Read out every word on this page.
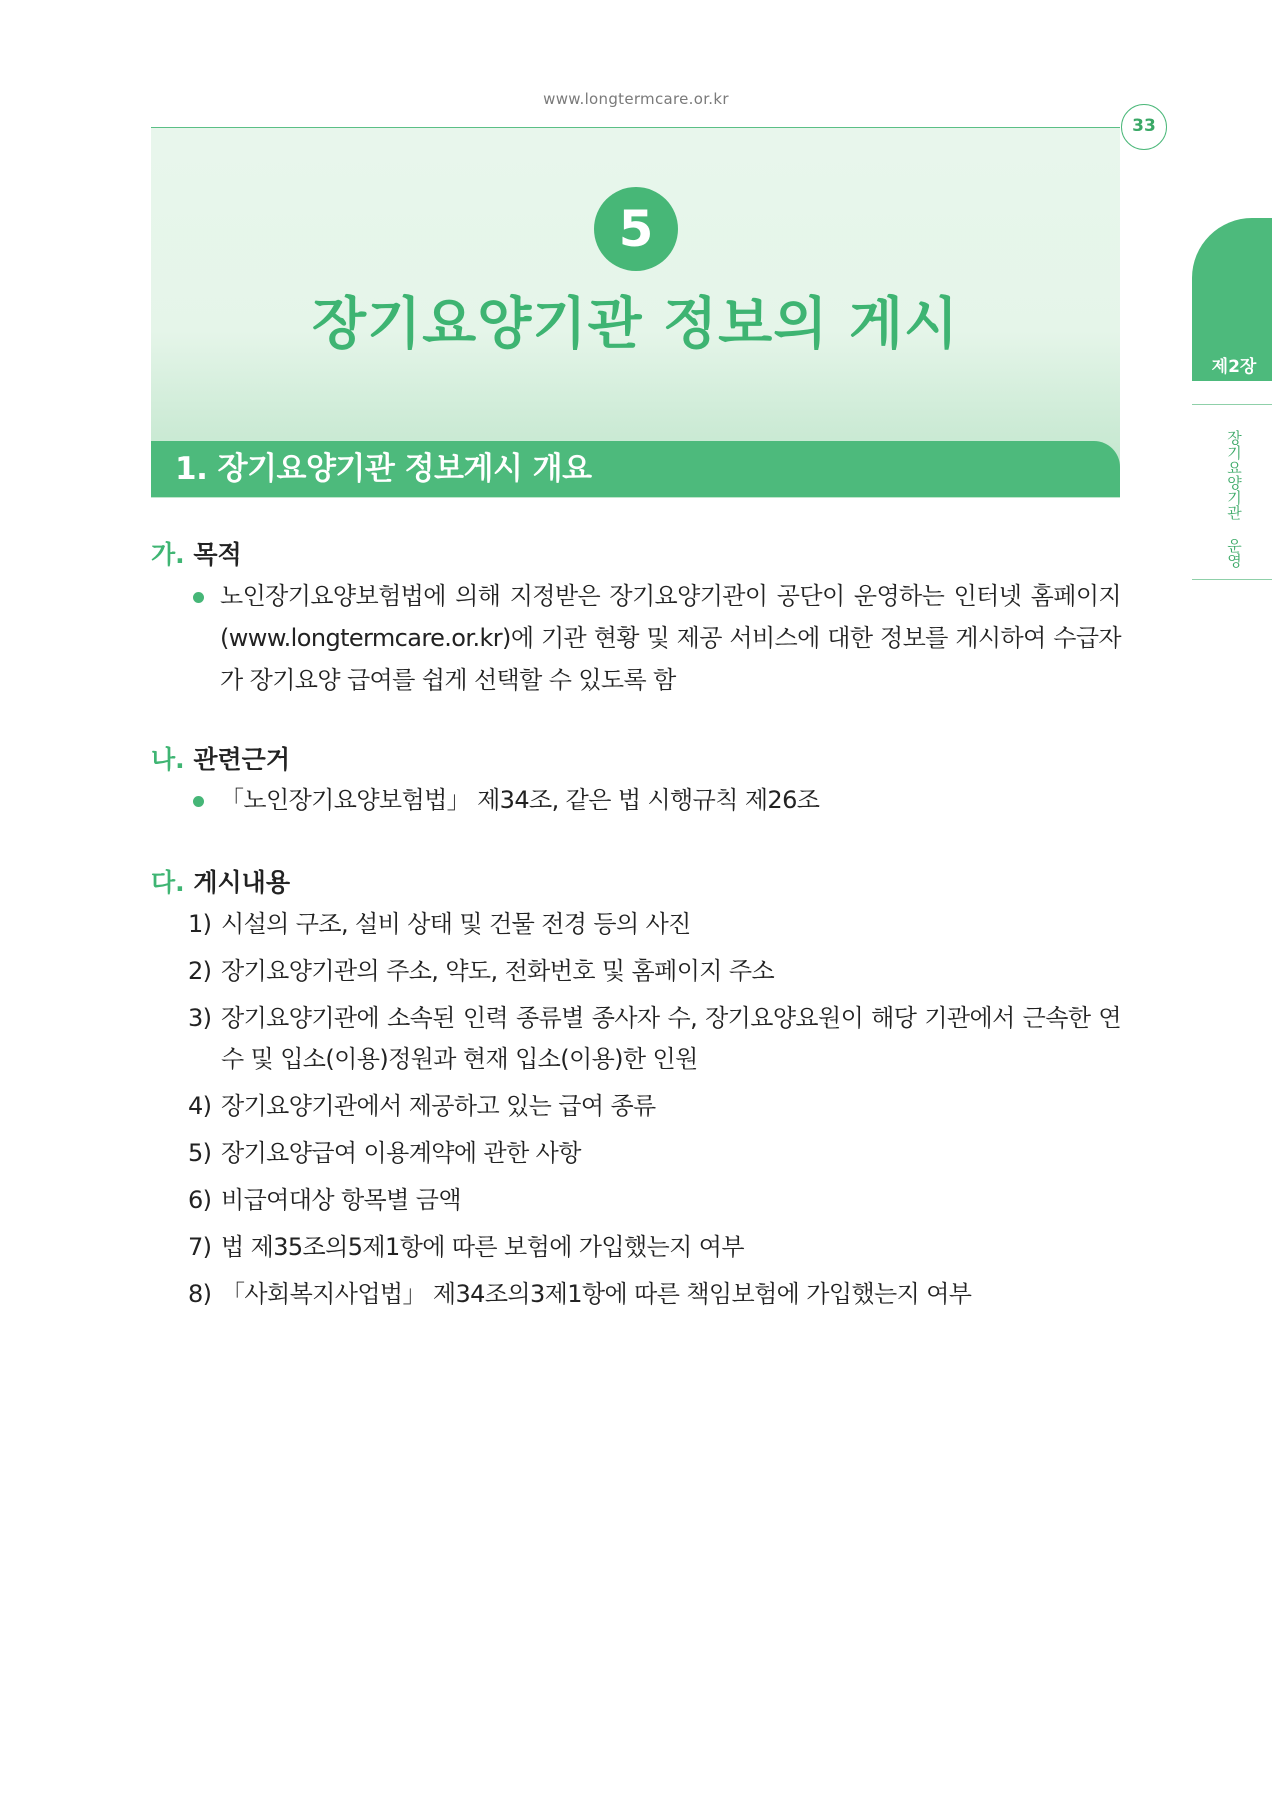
www.longtermcare.or.kr
33
5
장기요양기관 정보의 게시
1. 장기요양기관 정보게시 개요
제2장
장기요양기관 운영
가. 목적
노인장기요양보험법에 의해 지정받은 장기요양기관이 공단이 운영하는 인터넷 홈페이지 (www.longtermcare.or.kr)에 기관 현황 및 제공 서비스에 대한 정보를 게시하여 수급자가 장기요양 급여를 쉽게 선택할 수 있도록 함
나. 관련근거
「노인장기요양보험법」 제34조, 같은 법 시행규칙 제26조
다. 게시내용
1) 시설의 구조, 설비 상태 및 건물 전경 등의 사진
2) 장기요양기관의 주소, 약도, 전화번호 및 홈페이지 주소
3) 장기요양기관에 소속된 인력 종류별 종사자 수, 장기요양요원이 해당 기관에서 근속한 연수 및 입소(이용)정원과 현재 입소(이용)한 인원
4) 장기요양기관에서 제공하고 있는 급여 종류
5) 장기요양급여 이용계약에 관한 사항
6) 비급여대상 항목별 금액
7) 법 제35조의5제1항에 따른 보험에 가입했는지 여부
8) 「사회복지사업법」 제34조의3제1항에 따른 책임보험에 가입했는지 여부
